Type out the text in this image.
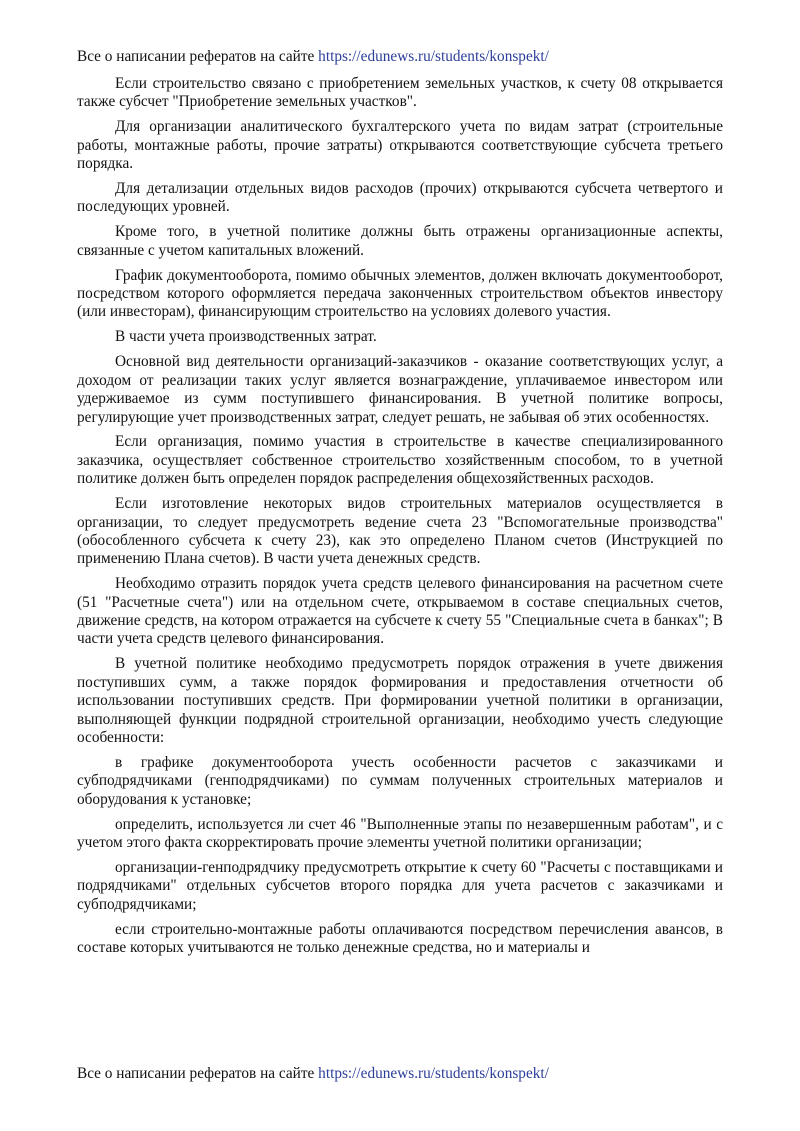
Все о написании рефератов на сайте https://edunews.ru/students/konspekt/

Если строительство связано с приобретением земельных участков, к счету 08 открывается также субсчет "Приобретение земельных участков".

Для организации аналитического бухгалтерского учета по видам затрат (строительные работы, монтажные работы, прочие затраты) открываются соответствующие субсчета третьего порядка.

Для детализации отдельных видов расходов (прочих) открываются субсчета четвертого и последующих уровней.

Кроме того, в учетной политике должны быть отражены организационные аспекты, связанные с учетом капитальных вложений.

График документооборота, помимо обычных элементов, должен включать документооборот, посредством которого оформляется передача законченных строительством объектов инвестору (или инвесторам), финансирующим строительство на условиях долевого участия.

В части учета производственных затрат.

Основной вид деятельности организаций-заказчиков - оказание соответствующих услуг, а доходом от реализации таких услуг является вознаграждение, уплачиваемое инвестором или удерживаемое из сумм поступившего финансирования. В учетной политике вопросы, регулирующие учет производственных затрат, следует решать, не забывая об этих особенностях.

Если организация, помимо участия в строительстве в качестве специализированного заказчика, осуществляет собственное строительство хозяйственным способом, то в учетной политике должен быть определен порядок распределения общехозяйственных расходов.

Если изготовление некоторых видов строительных материалов осуществляется в организации, то следует предусмотреть ведение счета 23 "Вспомогательные производства" (обособленного субсчета к счету 23), как это определено Планом счетов (Инструкцией по применению Плана счетов). В части учета денежных средств.

Необходимо отразить порядок учета средств целевого финансирования на расчетном счете (51 "Расчетные счета") или на отдельном счете, открываемом в составе специальных счетов, движение средств, на котором отражается на субсчете к счету 55 "Специальные счета в банках"; В части учета средств целевого финансирования.

В учетной политике необходимо предусмотреть порядок отражения в учете движения поступивших сумм, а также порядок формирования и предоставления отчетности об использовании поступивших средств. При формировании учетной политики в организации, выполняющей функции подрядной строительной организации, необходимо учесть следующие особенности:

в графике документооборота учесть особенности расчетов с заказчиками и субподрядчиками (генподрядчиками) по суммам полученных строительных материалов и оборудования к установке;

определить, используется ли счет 46 "Выполненные этапы по незавершенным работам", и с учетом этого факта скорректировать прочие элементы учетной политики организации;

организации-генподрядчику предусмотреть открытие к счету 60 "Расчеты с поставщиками и подрядчиками" отдельных субсчетов второго порядка для учета расчетов с заказчиками и субподрядчиками;

если строительно-монтажные работы оплачиваются посредством перечисления авансов, в составе которых учитываются не только денежные средства, но и материалы и

Все о написании рефератов на сайте https://edunews.ru/students/konspekt/
